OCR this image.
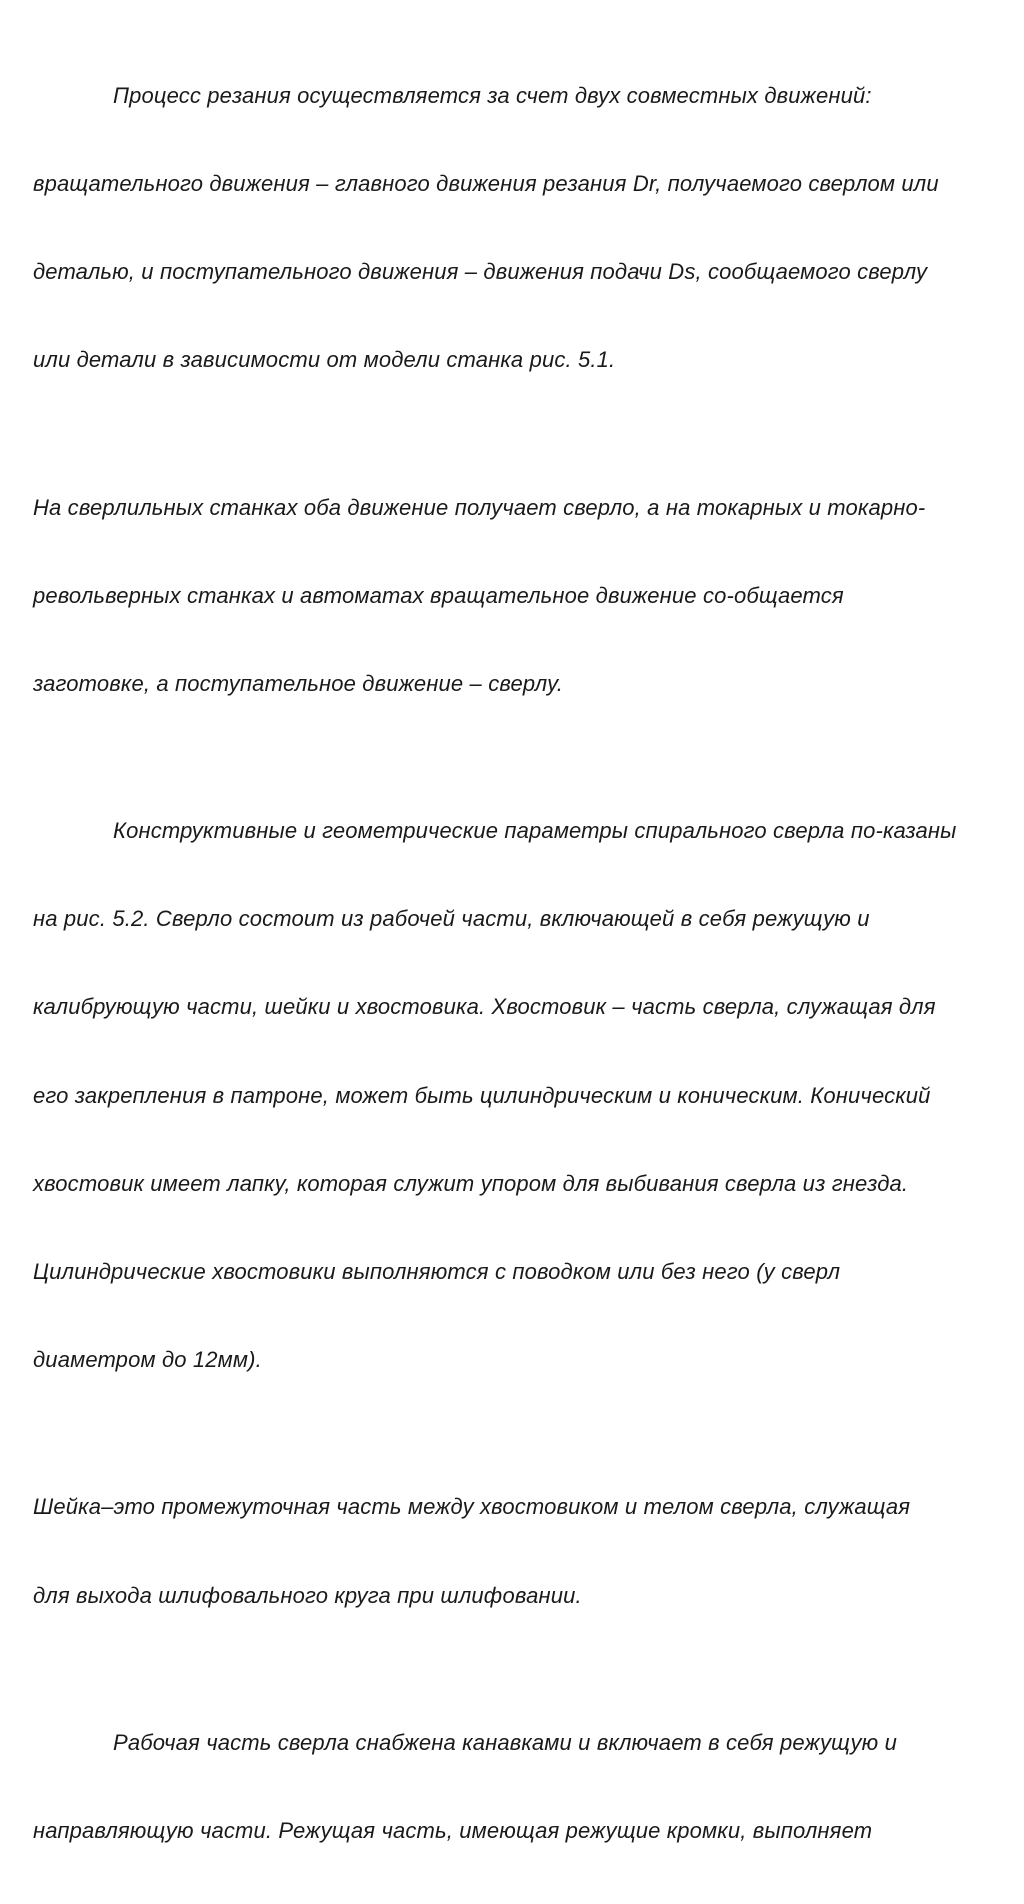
Процесс резания осуществляется за счет двух совместных движений:

вращательного движения – главного движения резания Dr, получаемого сверлом или

деталью, и поступательного движения – движения подачи Ds, сообщаемого сверлу

или детали в зависимости от модели станка рис. 5.1.

На сверлильных станках оба движение получает сверло, а на токарных и токарно-

револьверных станках и автоматах вращательное движение со-общается

заготовке, а поступательное движение – сверлу.

Конструктивные и геометрические параметры спирального сверла по-казаны

на рис. 5.2. Сверло состоит из рабочей части, включающей в себя режущую и

калибрующую части, шейки и хвостовика. Хвостовик – часть сверла, служащая для

его закрепления в патроне, может быть цилиндрическим и коническим. Конический

хвостовик имеет лапку, которая служит упором для выбивания сверла из гнезда.

Цилиндрические хвостовики выполняются с поводком или без него (у сверл

диаметром до 12мм).

Шейка–это промежуточная часть между хвостовиком и телом сверла, служащая

для выхода шлифовального круга при шлифовании.

Рабочая часть сверла снабжена канавками и включает в себя режущую и

направляющую части. Режущая часть, имеющая режущие кромки, выполняет
